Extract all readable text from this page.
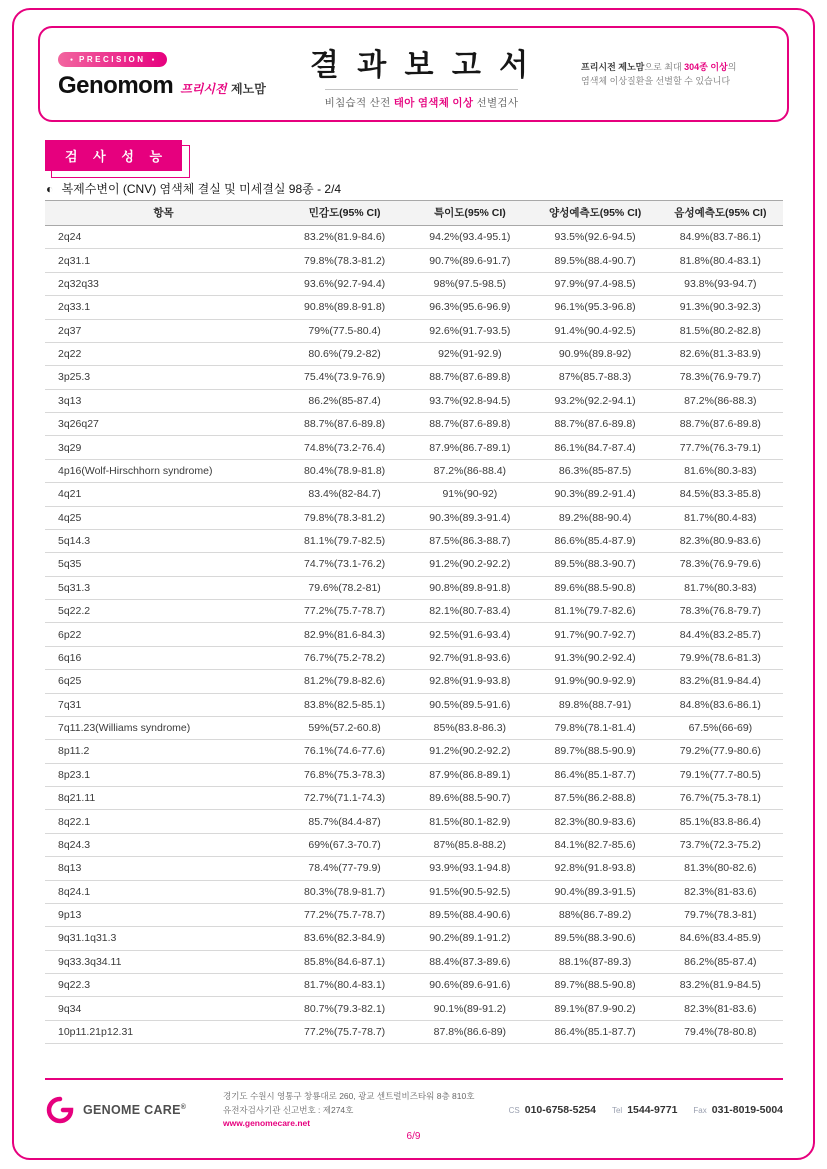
● PRECISION ●
Genomom 프리시전 제노맘
결 과 보 고 서
비침습적 산전 태아 염색체 이상 선별검사
프리시전 제노맘으로 최대 304종 이상의
염색체 이상질환을 선별할 수 있습니다
검 사 성 능
◐ 복제수변이 (CNV) 염색체 결실 및 미세결실 98종 - 2/4
항목	민감도(95% CI)	특이도(95% CI)	양성예측도(95% CI)	음성예측도(95% CI)
2q24	83.2%(81.9-84.6)	94.2%(93.4-95.1)	93.5%(92.6-94.5)	84.9%(83.7-86.1)
2q31.1	79.8%(78.3-81.2)	90.7%(89.6-91.7)	89.5%(88.4-90.7)	81.8%(80.4-83.1)
2q32q33	93.6%(92.7-94.4)	98%(97.5-98.5)	97.9%(97.4-98.5)	93.8%(93-94.7)
2q33.1	90.8%(89.8-91.8)	96.3%(95.6-96.9)	96.1%(95.3-96.8)	91.3%(90.3-92.3)
2q37	79%(77.5-80.4)	92.6%(91.7-93.5)	91.4%(90.4-92.5)	81.5%(80.2-82.8)
2q22	80.6%(79.2-82)	92%(91-92.9)	90.9%(89.8-92)	82.6%(81.3-83.9)
3p25.3	75.4%(73.9-76.9)	88.7%(87.6-89.8)	87%(85.7-88.3)	78.3%(76.9-79.7)
3q13	86.2%(85-87.4)	93.7%(92.8-94.5)	93.2%(92.2-94.1)	87.2%(86-88.3)
3q26q27	88.7%(87.6-89.8)	88.7%(87.6-89.8)	88.7%(87.6-89.8)	88.7%(87.6-89.8)
3q29	74.8%(73.2-76.4)	87.9%(86.7-89.1)	86.1%(84.7-87.4)	77.7%(76.3-79.1)
4p16(Wolf-Hirschhorn syndrome)	80.4%(78.9-81.8)	87.2%(86-88.4)	86.3%(85-87.5)	81.6%(80.3-83)
4q21	83.4%(82-84.7)	91%(90-92)	90.3%(89.2-91.4)	84.5%(83.3-85.8)
4q25	79.8%(78.3-81.2)	90.3%(89.3-91.4)	89.2%(88-90.4)	81.7%(80.4-83)
5q14.3	81.1%(79.7-82.5)	87.5%(86.3-88.7)	86.6%(85.4-87.9)	82.3%(80.9-83.6)
5q35	74.7%(73.1-76.2)	91.2%(90.2-92.2)	89.5%(88.3-90.7)	78.3%(76.9-79.6)
5q31.3	79.6%(78.2-81)	90.8%(89.8-91.8)	89.6%(88.5-90.8)	81.7%(80.3-83)
5q22.2	77.2%(75.7-78.7)	82.1%(80.7-83.4)	81.1%(79.7-82.6)	78.3%(76.8-79.7)
6p22	82.9%(81.6-84.3)	92.5%(91.6-93.4)	91.7%(90.7-92.7)	84.4%(83.2-85.7)
6q16	76.7%(75.2-78.2)	92.7%(91.8-93.6)	91.3%(90.2-92.4)	79.9%(78.6-81.3)
6q25	81.2%(79.8-82.6)	92.8%(91.9-93.8)	91.9%(90.9-92.9)	83.2%(81.9-84.4)
7q31	83.8%(82.5-85.1)	90.5%(89.5-91.6)	89.8%(88.7-91)	84.8%(83.6-86.1)
7q11.23(Williams syndrome)	59%(57.2-60.8)	85%(83.8-86.3)	79.8%(78.1-81.4)	67.5%(66-69)
8p11.2	76.1%(74.6-77.6)	91.2%(90.2-92.2)	89.7%(88.5-90.9)	79.2%(77.9-80.6)
8p23.1	76.8%(75.3-78.3)	87.9%(86.8-89.1)	86.4%(85.1-87.7)	79.1%(77.7-80.5)
8q21.11	72.7%(71.1-74.3)	89.6%(88.5-90.7)	87.5%(86.2-88.8)	76.7%(75.3-78.1)
8q22.1	85.7%(84.4-87)	81.5%(80.1-82.9)	82.3%(80.9-83.6)	85.1%(83.8-86.4)
8q24.3	69%(67.3-70.7)	87%(85.8-88.2)	84.1%(82.7-85.6)	73.7%(72.3-75.2)
8q13	78.4%(77-79.9)	93.9%(93.1-94.8)	92.8%(91.8-93.8)	81.3%(80-82.6)
8q24.1	80.3%(78.9-81.7)	91.5%(90.5-92.5)	90.4%(89.3-91.5)	82.3%(81-83.6)
9p13	77.2%(75.7-78.7)	89.5%(88.4-90.6)	88%(86.7-89.2)	79.7%(78.3-81)
9q31.1q31.3	83.6%(82.3-84.9)	90.2%(89.1-91.2)	89.5%(88.3-90.6)	84.6%(83.4-85.9)
9q33.3q34.11	85.8%(84.6-87.1)	88.4%(87.3-89.6)	88.1%(87-89.3)	86.2%(85-87.4)
9q22.3	81.7%(80.4-83.1)	90.6%(89.6-91.6)	89.7%(88.5-90.8)	83.2%(81.9-84.5)
9q34	80.7%(79.3-82.1)	90.1%(89-91.2)	89.1%(87.9-90.2)	82.3%(81-83.6)
10p11.21p12.31	77.2%(75.7-78.7)	87.8%(86.6-89)	86.4%(85.1-87.7)	79.4%(78-80.8)
GENOME CARE®
경기도 수원시 영통구 창룡대로 260, 광교 센트럴비즈타워 8층 810호
유전자검사기관 신고번호 : 제274호
www.genomecare.net
CS 010-6758-5254 Tel 1544-9771 Fax 031-8019-5004
6/9
